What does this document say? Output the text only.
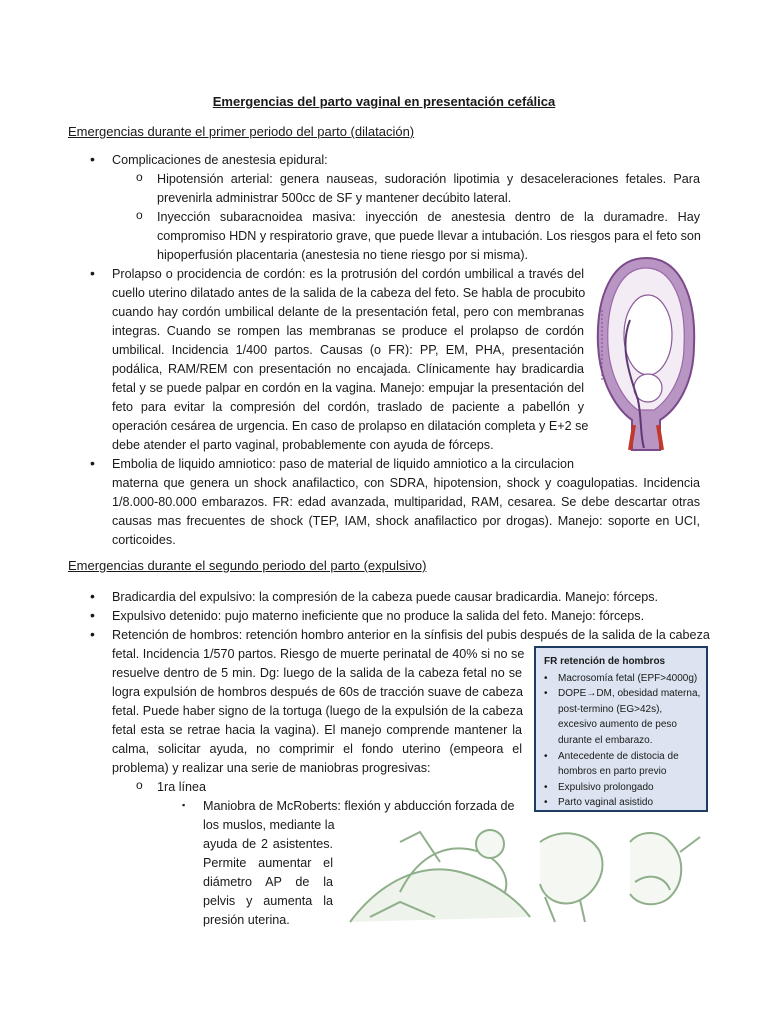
Emergencias del parto vaginal en presentación cefálica
Emergencias durante el primer periodo del parto (dilatación)
• Complicaciones de anestesia epidural:
o Hipotensión arterial: genera nauseas, sudoración lipotimia y desaceleraciones fetales. Para
prevenirla administrar 500cc de SF y mantener decúbito lateral.
o Inyección subaracnoidea masiva: inyección de anestesia dentro de la duramadre. Hay
compromiso HDN y respiratorio grave, que puede llevar a intubación. Los riesgos para el feto son
hipoperfusión placentaria (anestesia no tiene riesgo por si misma).
• Prolapso o procidencia de cordón: es la protrusión del cordón umbilical a través del
cuello uterino dilatado antes de la salida de la cabeza del feto. Se habla de procubito
cuando hay cordón umbilical delante de la presentación fetal, pero con membranas
integras. Cuando se rompen las membranas se produce el prolapso de cordón
umbilical. Incidencia 1/400 partos. Causas (o FR): PP, EM, PHA, presentación
podálica, RAM/REM con presentación no encajada. Clínicamente hay bradicardia
fetal y se puede palpar en cordón en la vagina. Manejo: empujar la presentación del
feto para evitar la compresión del cordón, traslado de paciente a pabellón y
operación cesárea de urgencia. En caso de prolapso en dilatación completa y E+2 se
debe atender el parto vaginal, probablemente con ayuda de fórceps.
• Embolia de liquido amniotico: paso de material de liquido amniotico a la circulacion
materna que genera un shock anafilactico, con SDRA, hipotension, shock y coagulopatias. Incidencia
1/8.000-80.000 embarazos. FR: edad avanzada, multiparidad, RAM, cesarea. Se debe descartar otras
causas mas frecuentes de shock (TEP, IAM, shock anafilactico por drogas). Manejo: soporte en UCI,
corticoides.
Emergencias durante el segundo periodo del parto (expulsivo)
• Bradicardia del expulsivo: la compresión de la cabeza puede causar bradicardia. Manejo: fórceps.
• Expulsivo detenido: pujo materno ineficiente que no produce la salida del feto. Manejo: fórceps.
• Retención de hombros: retención hombro anterior en la sínfisis del pubis después de la salida de la cabeza
fetal. Incidencia 1/570 partos. Riesgo de muerte perinatal de 40% si no se
resuelve dentro de 5 min. Dg: luego de la salida de la cabeza fetal no se
logra expulsión de hombros después de 60s de tracción suave de cabeza
fetal. Puede haber signo de la tortuga (luego de la expulsión de la cabeza
fetal esta se retrae hacia la vagina). El manejo comprende mantener la
calma, solicitar ayuda, no comprimir el fondo uterino (empeora el
problema) y realizar una serie de maniobras progresivas:
o 1ra línea
▪ Maniobra de McRoberts: flexión y abducción forzada de
los muslos, mediante la
ayuda de 2 asistentes.
Permite aumentar el
diámetro AP de la
pelvis y aumenta la
presión uterina.
FR retención de hombros
• Macrosomía fetal (EPF>4000g)
• DOPE→DM, obesidad materna,
post-termino (EG>42s),
excesivo aumento de peso
durante el embarazo.
• Antecedente de distocia de
hombros en parto previo
• Expulsivo prolongado
• Parto vaginal asistido
